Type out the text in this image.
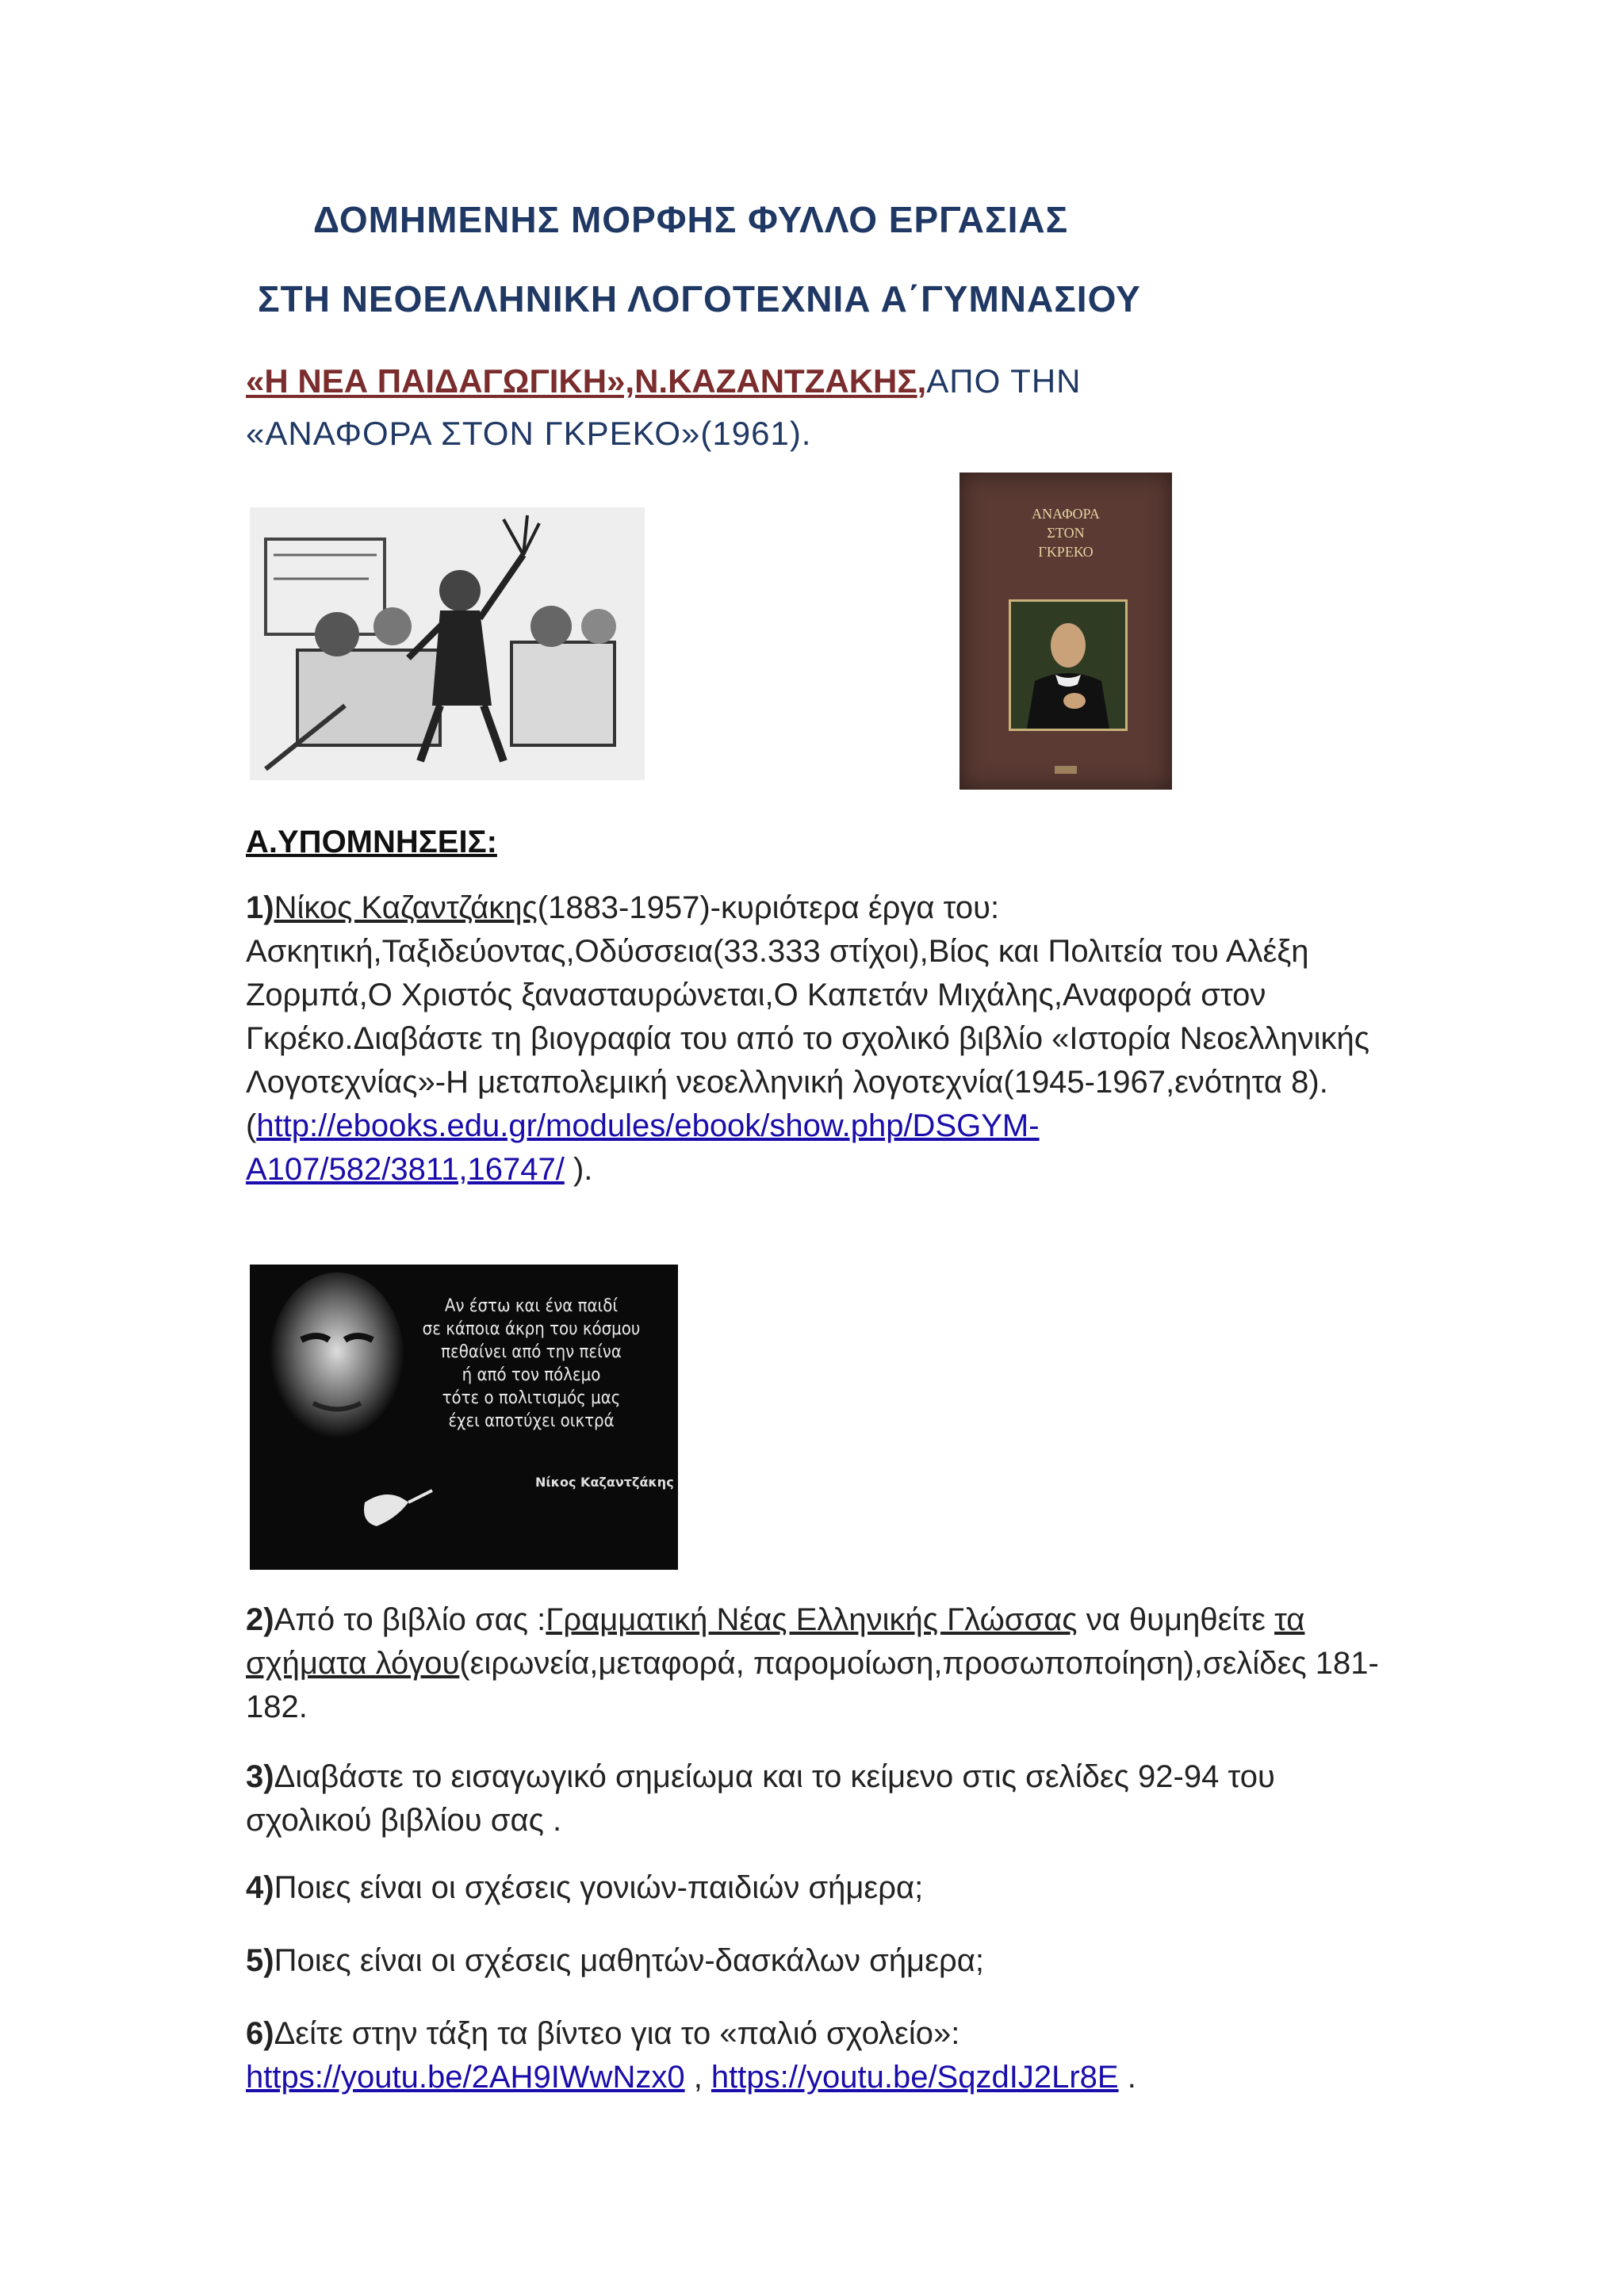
ΔΟΜΗΜΕΝΗΣ ΜΟΡΦΗΣ ΦΥΛΛΟ ΕΡΓΑΣΙΑΣ
ΣΤΗ ΝΕΟΕΛΛΗΝΙΚΗ ΛΟΓΟΤΕΧΝΙΑ Α΄ΓΥΜΝΑΣΙΟΥ
«Η ΝΕΑ ΠΑΙΔΑΓΩΓΙΚΗ»,Ν.ΚΑΖΑΝΤΖΑΚΗΣ,ΑΠΟ ΤΗΝ
«ΑΝΑΦΟΡΑ ΣΤΟΝ ΓΚΡΕΚΟ»(1961).
ΑΝΑΦΟΡΑ
ΣΤΟΝ
ΓΚΡΕΚΟ
Α.ΥΠΟΜΝΗΣΕΙΣ:

1)Νίκος Καζαντζάκης(1883-1957)-κυριότερα έργα του: Ασκητική,Ταξιδεύοντας,Οδύσσεια(33.333 στίχοι),Βίος και Πολιτεία του Αλέξη Ζορμπά,Ο Χριστός ξανασταυρώνεται,Ο Καπετάν Μιχάλης,Αναφορά στον Γκρέκο.Διαβάστε τη βιογραφία του από το σχολικό βιβλίο «Ιστορία Νεοελληνικής Λογοτεχνίας»-Η μεταπολεμική νεοελληνική λογοτεχνία(1945-1967,ενότητα 8).
(http://ebooks.edu.gr/modules/ebook/show.php/DSGYM-
A107/582/3811,16747/ ).

Αν έστω και ένα παιδί
σε κάποια άκρη του κόσμου
πεθαίνει από την πείνα
ή από τον πόλεμο
τότε ο πολιτισμός μας
έχει αποτύχει οικτρά
Νίκος Καζαντζάκης

2)Από το βιβλίο σας :Γραμματική Νέας Ελληνικής Γλώσσας να θυμηθείτε τα σχήματα λόγου(ειρωνεία,μεταφορά, παρομοίωση,προσωποποίηση),σελίδες 181-182.

3)Διαβάστε το εισαγωγικό σημείωμα και το κείμενο στις σελίδες 92-94 του σχολικού βιβλίου σας .

4)Ποιες είναι οι σχέσεις γονιών-παιδιών σήμερα;

5)Ποιες είναι οι σχέσεις μαθητών-δασκάλων σήμερα;

6)Δείτε στην τάξη τα βίντεο για το «παλιό σχολείο»:
https://youtu.be/2AH9IWwNzx0 , https://youtu.be/SqzdIJ2Lr8E .
